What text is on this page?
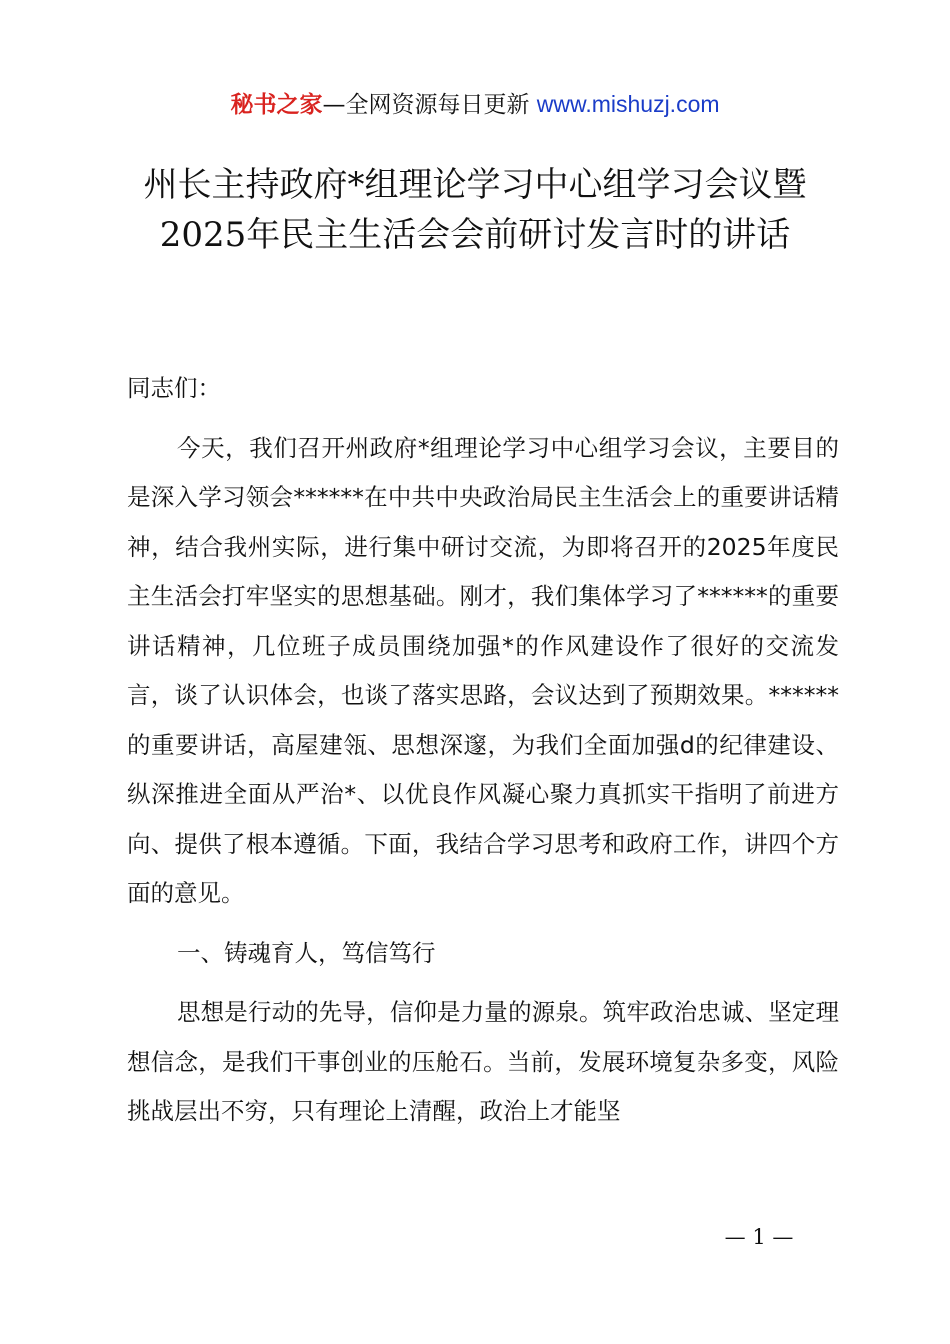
秘书之家—全网资源每日更新 www.mishuzj.com
州长主持政府*组理论学习中心组学习会议暨
2025年民主生活会会前研讨发言时的讲话
同志们：
今天，我们召开州政府*组理论学习中心组学习会议，主要目的是深入学习领会******在中共中央政治局民主生活会上的重要讲话精神，结合我州实际，进行集中研讨交流，为即将召开的2025年度民主生活会打牢坚实的思想基础。刚才，我们集体学习了******的重要讲话精神，几位班子成员围绕加强*的作风建设作了很好的交流发言，谈了认识体会，也谈了落实思路，会议达到了预期效果。******的重要讲话，高屋建瓴、思想深邃，为我们全面加强d的纪律建设、纵深推进全面从严治*、以优良作风凝心聚力真抓实干指明了前进方向、提供了根本遵循。下面，我结合学习思考和政府工作，讲四个方面的意见。
一、铸魂育人，笃信笃行
思想是行动的先导，信仰是力量的源泉。筑牢政治忠诚、坚定理想信念，是我们干事创业的压舱石。当前，发展环境复杂多变，风险挑战层出不穷，只有理论上清醒，政治上才能坚
— 1 —
